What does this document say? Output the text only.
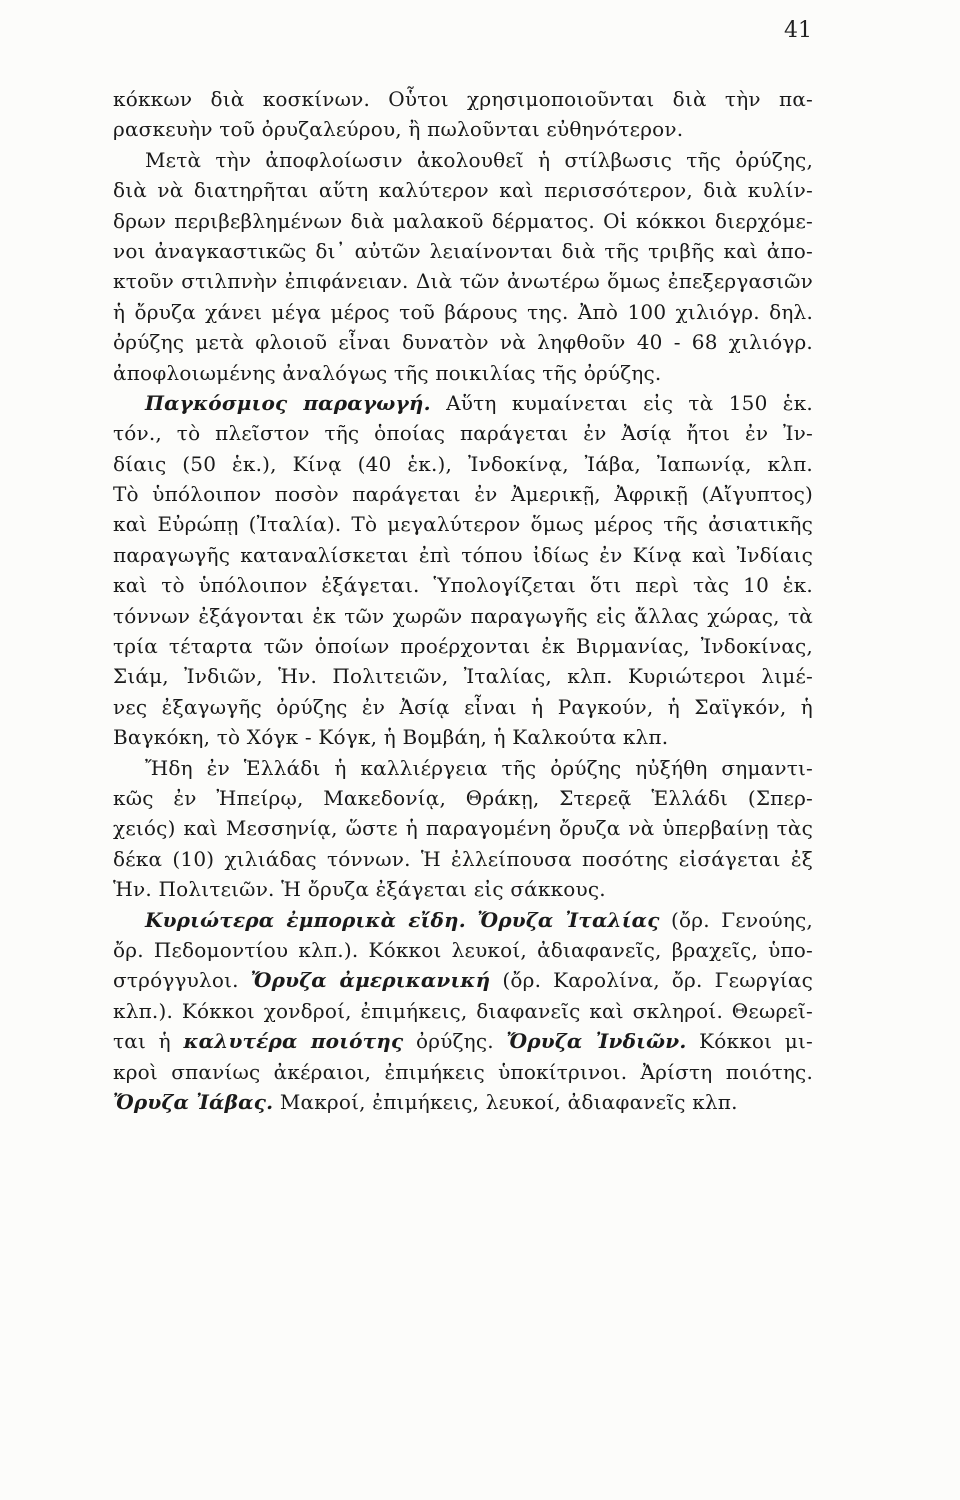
41
κόκκων διὰ κοσκίνων. Οὗτοι χρησιμοποιοῦνται διὰ τὴν πα-
ρασκευὴν τοῦ ὀρυζαλεύρου, ἢ πωλοῦνται εὐθηνότερον.
Μετὰ τὴν ἀποφλοίωσιν ἀκολουθεῖ ἡ στίλβωσις τῆς ὀρύζης,
διὰ νὰ διατηρῆται αὕτη καλύτερον καὶ περισσότερον, διὰ κυλίν-
δρων περιβεβλημένων διὰ μαλακοῦ δέρματος. Οἱ κόκκοι διερχόμε-
νοι ἀναγκαστικῶς δι᾽ αὐτῶν λειαίνονται διὰ τῆς τριβῆς καὶ ἀπο-
κτοῦν στιλπνὴν ἐπιφάνειαν. Διὰ τῶν ἀνωτέρω ὅμως ἐπεξεργασιῶν
ἡ ὄρυζα χάνει μέγα μέρος τοῦ βάρους της. Ἀπὸ 100 χιλιόγρ. δηλ.
ὀρύζης μετὰ φλοιοῦ εἶναι δυνατὸν νὰ ληφθοῦν 40 - 68 χιλιόγρ.
ἀποφλοιωμένης ἀναλόγως τῆς ποικιλίας τῆς ὀρύζης.
Παγκόσμιος παραγωγή. Αὕτη κυμαίνεται εἰς τὰ 150 ἑκ.
τόν., τὸ πλεῖστον τῆς ὁποίας παράγεται ἐν Ἀσίᾳ ἤτοι ἐν Ἰν-
δίαις (50 ἑκ.), Κίνᾳ (40 ἑκ.), Ἰνδοκίνᾳ, Ἰάβα, Ἰαπωνίᾳ, κλπ.
Τὸ ὑπόλοιπον ποσὸν παράγεται ἐν Ἀμερικῇ, Ἀφρικῇ (Αἴγυπτος)
καὶ Εὐρώπῃ (Ἰταλία). Τὸ μεγαλύτερον ὅμως μέρος τῆς ἀσιατικῆς
παραγωγῆς καταναλίσκεται ἐπὶ τόπου ἰδίως ἐν Κίνᾳ καὶ Ἰνδίαις
καὶ τὸ ὑπόλοιπον ἐξάγεται. Ὑπολογίζεται ὅτι περὶ τὰς 10 ἑκ.
τόννων ἐξάγονται ἐκ τῶν χωρῶν παραγωγῆς εἰς ἄλλας χώρας, τὰ
τρία τέταρτα τῶν ὁποίων προέρχονται ἐκ Βιρμανίας, Ἰνδοκίνας,
Σιάμ, Ἰνδιῶν, Ἡν. Πολιτειῶν, Ἰταλίας, κλπ. Κυριώτεροι λιμέ-
νες ἐξαγωγῆς ὀρύζης ἐν Ἀσίᾳ εἶναι ἡ Ραγκούν, ἡ Σαϊγκόν, ἡ
Βαγκόκη, τὸ Χόγκ - Κόγκ, ἡ Βομβάη, ἡ Καλκούτα κλπ.
Ἤδη ἐν Ἑλλάδι ἡ καλλιέργεια τῆς ὀρύζης ηὐξήθη σημαντι-
κῶς ἐν Ἠπείρῳ, Μακεδονίᾳ, Θράκῃ, Στερεᾷ Ἑλλάδι (Σπερ-
χειός) καὶ Μεσσηνίᾳ, ὥστε ἡ παραγομένη ὄρυζα νὰ ὑπερβαίνῃ τὰς
δέκα (10) χιλιάδας τόννων. Ἡ ἐλλείπουσα ποσότης εἰσάγεται ἐξ
Ἡν. Πολιτειῶν. Ἡ ὄρυζα ἐξάγεται εἰς σάκκους.
Κυριώτερα ἐμπορικὰ εἴδη. Ὄρυζα Ἰταλίας (ὄρ. Γενούης,
ὄρ. Πεδομοντίου κλπ.). Κόκκοι λευκοί, ἀδιαφανεῖς, βραχεῖς, ὑπο-
στρόγγυλοι. Ὄρυζα ἀμερικανική (ὄρ. Καρολίνα, ὄρ. Γεωργίας
κλπ.). Κόκκοι χονδροί, ἐπιμήκεις, διαφανεῖς καὶ σκληροί. Θεωρεῖ-
ται ἡ καλυτέρα ποιότης ὀρύζης. Ὄρυζα Ἰνδιῶν. Κόκκοι μι-
κροὶ σπανίως ἀκέραιοι, ἐπιμήκεις ὑποκίτρινοι. Ἀρίστη ποιότης.
Ὄρυζα Ἰάβας. Μακροί, ἐπιμήκεις, λευκοί, ἀδιαφανεῖς κλπ.
